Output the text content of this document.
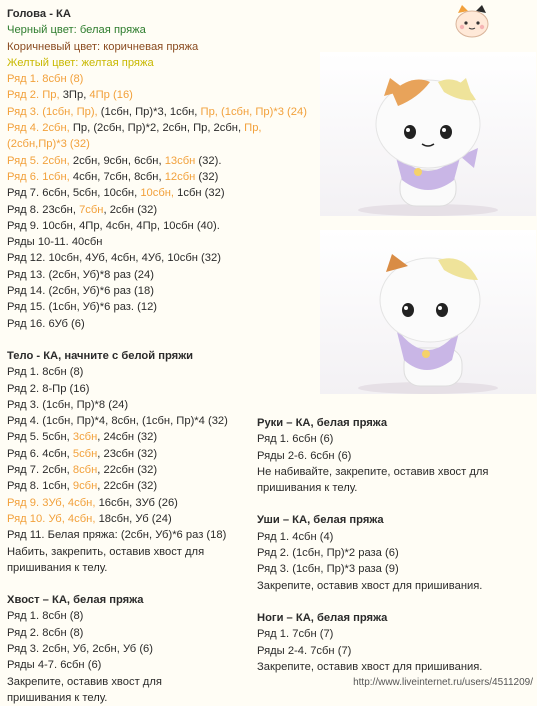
Голова - КА
Черный цвет: белая пряжа
Коричневый цвет: коричневая пряжа
Желтый цвет: желтая пряжа
Ряд 1. 8сбн (8)
Ряд 2. Пр, 3Пр, 4Пр (16)
Ряд 3. (1сбн, Пр), (1сбн, Пр)*3, 1сбн, Пр, (1сбн, Пр)*3 (24)
Ряд 4. 2сбн, Пр, (2сбн, Пр)*2, 2сбн, Пр, 2сбн, Пр,
(2сбн,Пр)*3 (32)
Ряд 5. 2сбн, 2сбн, 9сбн, 6сбн, 13сбн (32).
Ряд 6. 1сбн, 4сбн, 7сбн, 8сбн, 12сбн (32)
Ряд 7. 6сбн, 5сбн, 10сбн, 10сбн, 1сбн (32)
Ряд 8. 23сбн, 7сбн, 2сбн (32)
Ряд 9. 10сбн, 4Пр, 4сбн, 4Пр, 10сбн (40).
Ряды 10-11. 40сбн
Ряд 12. 10сбн, 4Уб, 4сбн, 4Уб, 10сбн (32)
Ряд 13. (2сбн, Уб)*8 раз (24)
Ряд 14. (2сбн, Уб)*6 раз (18)
Ряд 15. (1сбн, Уб)*6 раз. (12)
Ряд 16. 6Уб (6)
Тело - КА, начните с белой пряжи
Ряд 1. 8сбн (8)
Ряд 2. 8-Пр (16)
Ряд 3. (1сбн, Пр)*8 (24)
Ряд 4. (1сбн, Пр)*4, 8сбн, (1сбн, Пр)*4 (32)
Ряд 5. 5сбн, 3сбн, 24сбн (32)
Ряд 6. 4сбн, 5сбн, 23сбн (32)
Ряд 7. 2сбн, 8сбн, 22сбн (32)
Ряд 8. 1сбн, 9сбн, 22сбн (32)
Ряд 9. 3Уб, 4сбн, 16сбн, 3Уб (26)
Ряд 10. Уб, 4сбн, 18сбн, Уб (24)
Ряд 11. Белая пряжа: (2сбн, Уб)*6 раз (18)
Набить, закрепить, оставив хвост для
пришивания к телу.
Хвост – КА, белая пряжа
Ряд 1. 8сбн (8)
Ряд 2. 8сбн (8)
Ряд 3. 2сбн, Уб, 2сбн, Уб (6)
Ряды 4-7. 6сбн (6)
Закрепите, оставив хвост для
пришивания к телу.
Руки – КА, белая пряжа
Ряд 1. 6сбн (6)
Ряды 2-6. 6сбн (6)
Не набивайте, закрепите, оставив хвост для
пришивания к телу.
Уши – КА, белая пряжа
Ряд 1. 4сбн (4)
Ряд 2. (1сбн, Пр)*2 раза (6)
Ряд 3. (1сбн, Пр)*3 раза (9)
Закрепите, оставив хвост для пришивания.
Ноги – КА, белая пряжа
Ряд 1. 7сбн (7)
Ряды 2-4. 7сбн (7)
Закрепите, оставив хвост для пришивания.
http://www.liveinternet.ru/users/4511209/
